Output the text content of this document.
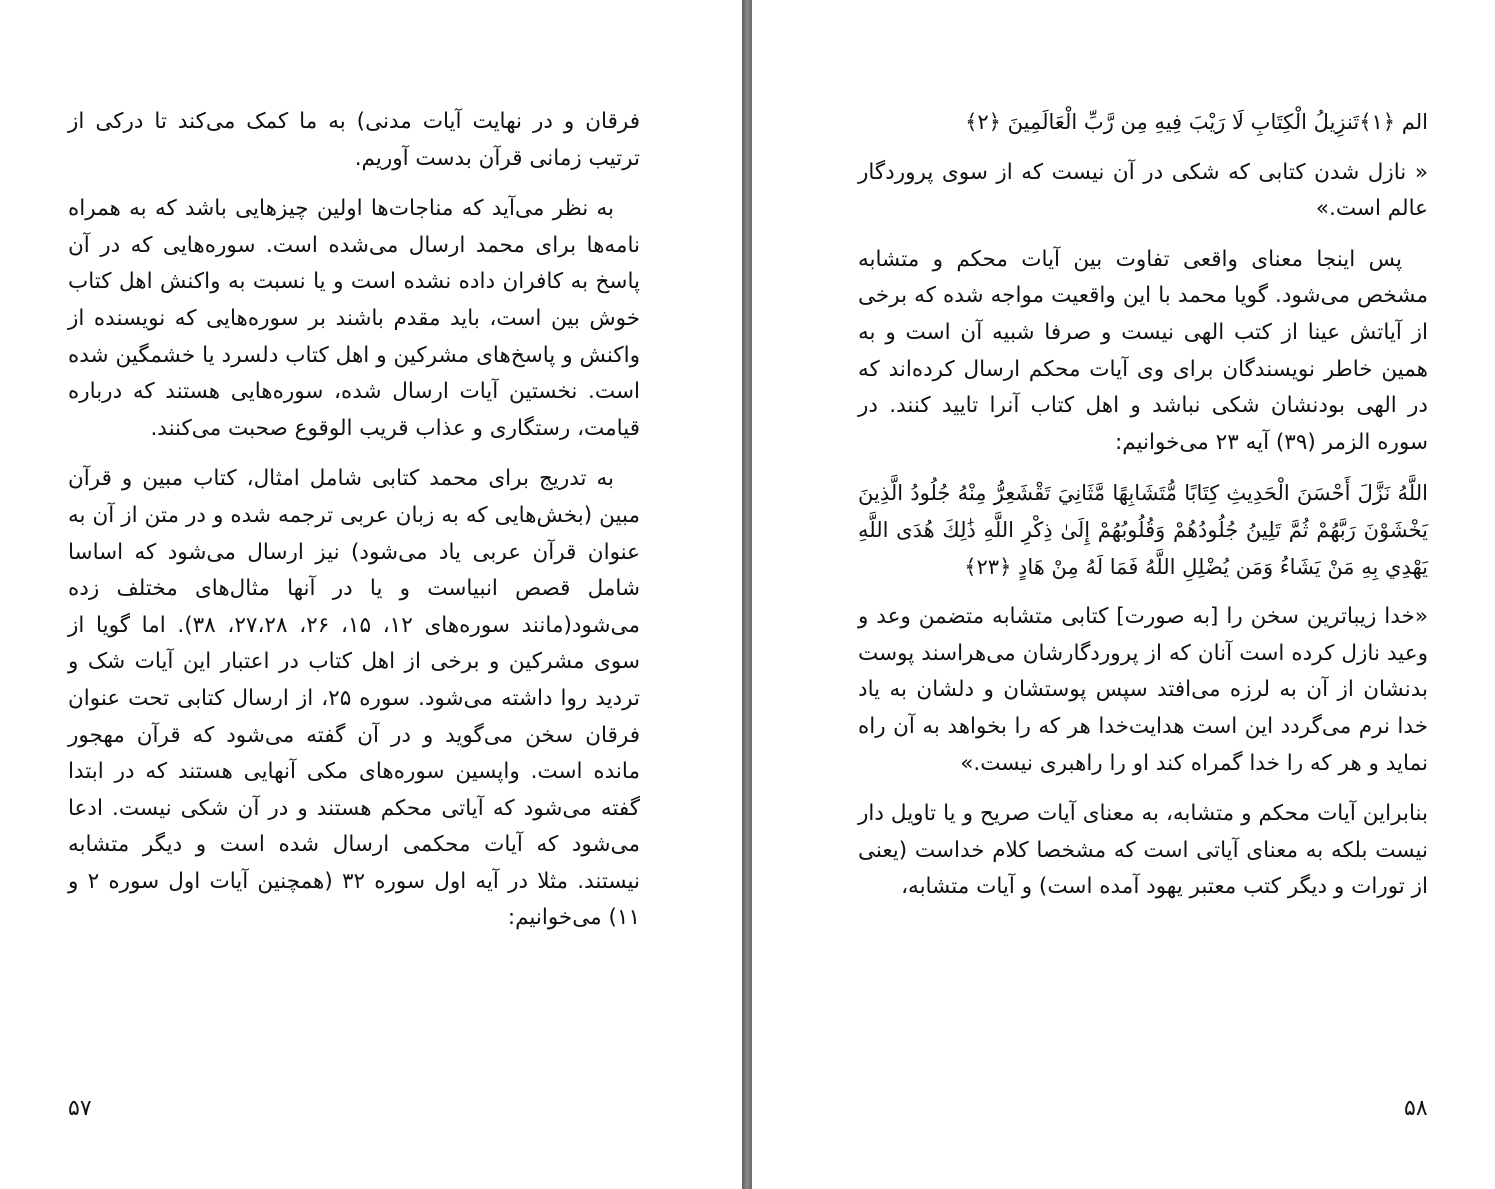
فرقان و در نهایت آیات مدنی) به ما کمک می‌کند تا درکی از ترتیب زمانی قرآن بدست آوریم.

به نظر می‌آید که مناجات‌ها اولین چیزهایی باشد که به همراه نامه‌ها برای محمد ارسال می‌شده است. سوره‌هایی که در آن پاسخ به کافران داده نشده است و یا نسبت به واکنش اهل کتاب خوش بین است، باید مقدم باشند بر سوره‌هایی که نویسنده از واکنش و پاسخ‌های مشرکین و اهل کتاب دلسرد یا خشمگین شده است. نخستین آیات ارسال شده، سوره‌هایی هستند که درباره قیامت، رستگاری و عذاب قریب الوقوع صحبت می‌کنند.

به تدریج برای محمد کتابی شامل امثال، کتاب مبین و قرآن مبین (بخش‌هایی که به زبان عربی ترجمه شده و در متن از آن به عنوان قرآن عربی یاد می‌شود) نیز ارسال می‌شود که اساسا شامل قصص انبیاست و یا در آنها مثال‌های مختلف زده می‌شود(مانند سوره‌های ۱۲، ۱۵، ۲۶، ۲۷،۲۸، ۳۸). اما گویا از سوی مشرکین و برخی از اهل کتاب در اعتبار این آیات شک و تردید روا داشته می‌شود. سوره ۲۵، از ارسال کتابی تحت عنوان فرقان سخن می‌گوید و در آن گفته می‌شود که قرآن مهجور مانده است. واپسین سوره‌های مکی آنهایی هستند که در ابتدا گفته می‌شود که آیاتی محکم هستند و در آن شکی نیست. ادعا می‌شود که آیات محکمی ارسال شده است و دیگر متشابه نیستند. مثلا در آیه اول سوره ۳۲ (همچنین آیات اول سوره ۲ و ۱۱) می‌خوانیم:

۵۷

الم ﴿١﴾تَنزِيلُ الْكِتَابِ لَا رَيْبَ فِيهِ مِن رَّبِّ الْعَالَمِينَ ﴿٢﴾

« نازل شدن کتابی که شکی در آن نیست که از سوی پروردگار عالم است.»

پس اینجا معنای واقعی تفاوت بین آیات محکم و متشابه مشخص می‌شود. گویا محمد با این واقعیت مواجه شده که برخی از آیاتش عینا از کتب الهی نیست و صرفا شبیه آن است و به همین خاطر نویسندگان برای وی آیات محکم ارسال کرده‌اند که در الهی بودنشان شکی نباشد و اهل کتاب آنرا تایید کنند. در سوره الزمر (۳۹) آیه ۲۳ می‌خوانیم:

اللَّهُ نَزَّلَ أَحْسَنَ الْحَدِيثِ كِتَابًا مُّتَشَابِهًا مَّثَانِيَ تَقْشَعِرُّ مِنْهُ جُلُودُ الَّذِينَ يَخْشَوْنَ رَبَّهُمْ ثُمَّ تَلِينُ جُلُودُهُمْ وَقُلُوبُهُمْ إِلَىٰ ذِكْرِ اللَّهِ ذَٰلِكَ هُدَى اللَّهِ يَهْدِي بِهِ مَنْ يَشَاءُ وَمَن يُضْلِلِ اللَّهُ فَمَا لَهُ مِنْ هَادٍ ﴿٢٣﴾

«خدا زیباترین سخن را [به صورت] کتابی متشابه متضمن وعد و وعید نازل کرده است آنان که از پروردگارشان می‌هراسند پوست بدنشان از آن به لرزه می‌افتد سپس پوستشان و دلشان به یاد خدا نرم می‌گردد این است هدایت‌خدا هر که را بخواهد به آن راه نماید و هر که را خدا گمراه کند او را راهبری نیست.»

بنابراین آیات محکم و متشابه، به معنای آیات صریح و یا تاویل دار نیست بلکه به معنای آیاتی است که مشخصا کلام خداست (یعنی از تورات و دیگر کتب معتبر یهود آمده است) و آیات متشابه،

۵۸
